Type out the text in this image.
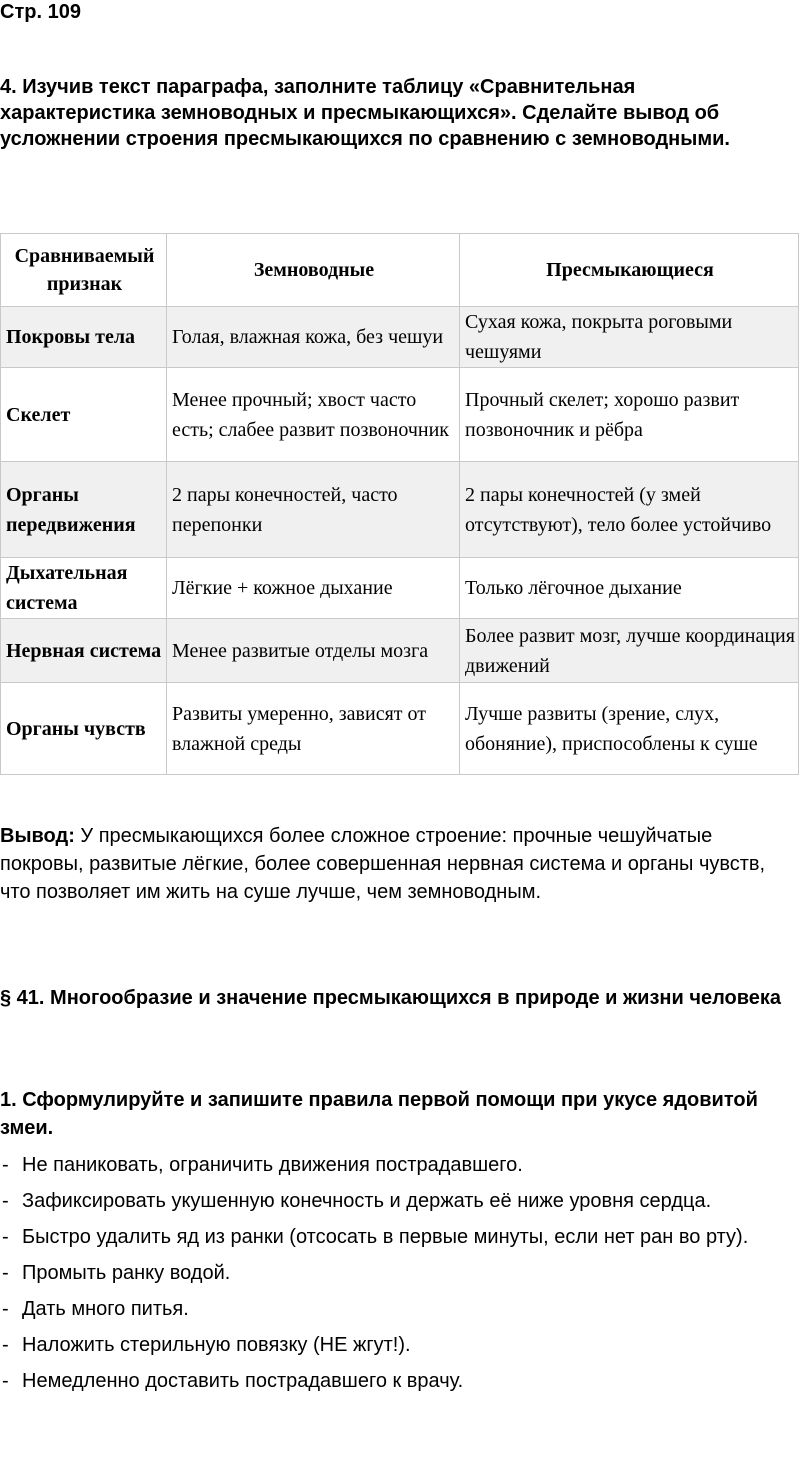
Стр. 109

4. Изучив текст параграфа, заполните таблицу «Сравнительная характеристика земноводных и пресмыкающихся». Сделайте вывод об усложнении строения пресмыкающихся по сравнению с земноводными.

Сравниваемый признак	Земноводные	Пресмыкающиеся
Покровы тела	Голая, влажная кожа, без чешуи	Сухая кожа, покрыта роговыми чешуями
Скелет	Менее прочный; хвост часто есть; слабее развит позвоночник	Прочный скелет; хорошо развит позвоночник и рёбра
Органы передвижения	2 пары конечностей, часто перепонки	2 пары конечностей (у змей отсутствуют), тело более устойчиво
Дыхательная система	Лёгкие + кожное дыхание	Только лёгочное дыхание
Нервная система	Менее развитые отделы мозга	Более развит мозг, лучше координация движений
Органы чувств	Развиты умеренно, зависят от влажной среды	Лучше развиты (зрение, слух, обоняние), приспособлены к суше

Вывод: У пресмыкающихся более сложное строение: прочные чешуйчатые покровы, развитые лёгкие, более совершенная нервная система и органы чувств, что позволяет им жить на суше лучше, чем земноводным.

§ 41. Многообразие и значение пресмыкающихся в природе и жизни человека

1. Сформулируйте и запишите правила первой помощи при укусе ядовитой змеи.

- Не паниковать, ограничить движения пострадавшего.
- Зафиксировать укушенную конечность и держать её ниже уровня сердца.
- Быстро удалить яд из ранки (отсосать в первые минуты, если нет ран во рту).
- Промыть ранку водой.
- Дать много питья.
- Наложить стерильную повязку (НЕ жгут!).
- Немедленно доставить пострадавшего к врачу.
